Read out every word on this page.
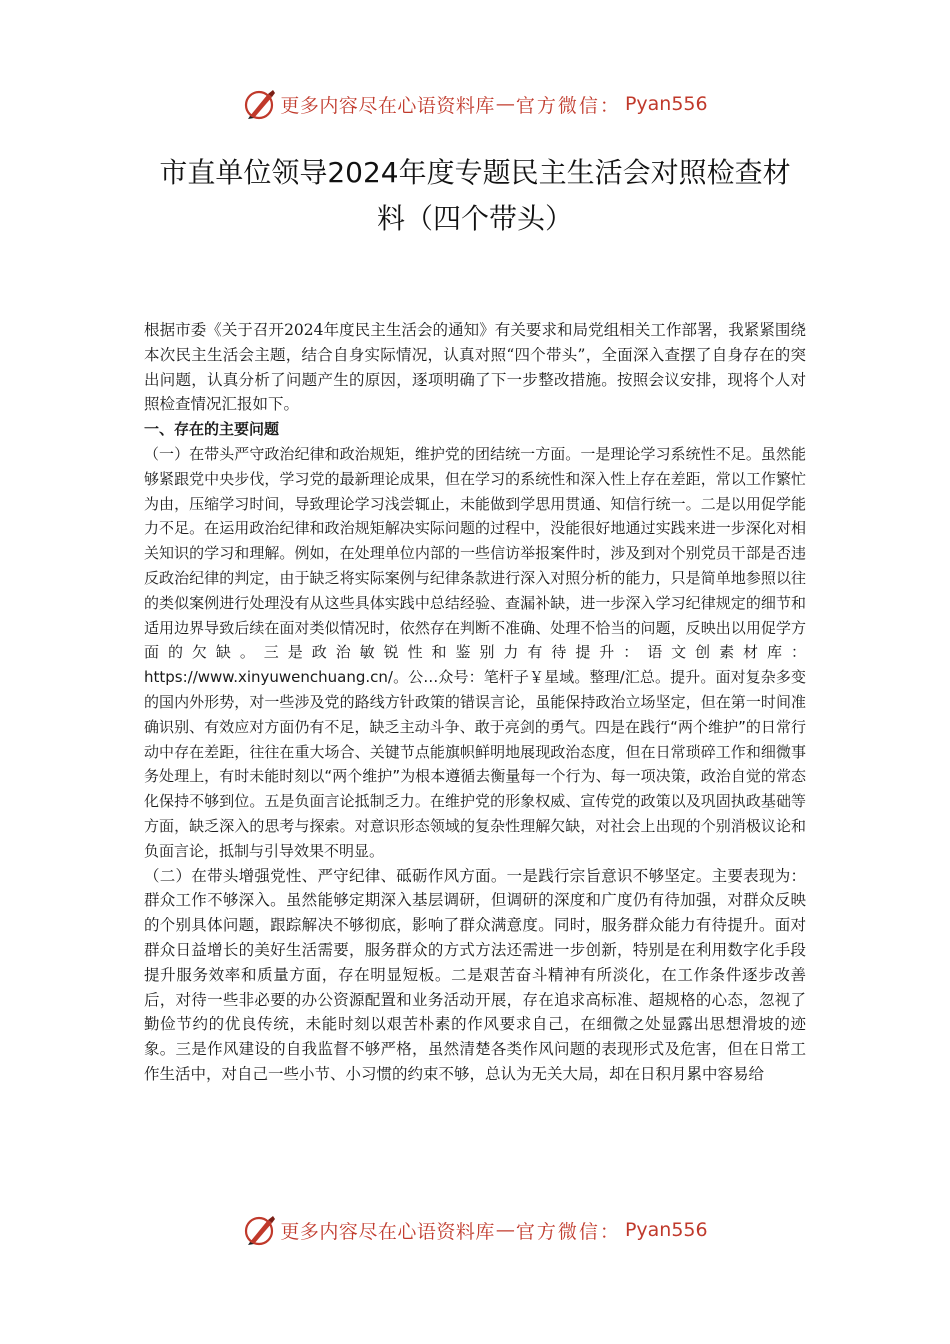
更多内容尽在心语资料库 — 官方微信： Pyan556
市直单位领导2024年度专题民主生活会对照检查材
料（四个带头）

根据市委《关于召开2024年度民主生活会的通知》有关要求和局党组相关工作部署，我紧紧围绕本次民主生活会主题，结合自身实际情况，认真对照“四个带头”，全面深入查摆了自身存在的突出问题，认真分析了问题产生的原因，逐项明确了下一步整改措施。按照会议安排，现将个人对照检查情况汇报如下。

一、存在的主要问题

（一）在带头严守政治纪律和政治规矩，维护党的团结统一方面。一是理论学习系统性不足。虽然能够紧跟党中央步伐，学习党的最新理论成果，但在学习的系统性和深入性上存在差距，常以工作繁忙为由，压缩学习时间，导致理论学习浅尝辄止，未能做到学思用贯通、知信行统一。二是以用促学能力不足。在运用政治纪律和政治规矩解决实际问题的过程中，没能很好地通过实践来进一步深化对相关知识的学习和理解。例如，在处理单位内部的一些信访举报案件时，涉及到对个别党员干部是否违反政治纪律的判定，由于缺乏将实际案例与纪律条款进行深入对照分析的能力，只是简单地参照以往的类似案例进行处理没有从这些具体实践中总结经验、查漏补缺，进一步深入学习纪律规定的细节和适用边界导致后续在面对类似情况时，依然存在判断不准确、处理不恰当的问题，反映出以用促学方面的欠缺。三是政治敏锐性和鉴别力有待提升：语文创素材库：https://www.xinyuwenchuang.cn/。公…众号：笔杆子￥星域。整理/汇总。提升。面对复杂多变的国内外形势，对一些涉及党的路线方针政策的错误言论，虽能保持政治立场坚定，但在第一时间准确识别、有效应对方面仍有不足，缺乏主动斗争、敢于亮剑的勇气。四是在践行“两个维护”的日常行动中存在差距，往往在重大场合、关键节点能旗帜鲜明地展现政治态度，但在日常琐碎工作和细微事务处理上，有时未能时刻以“两个维护”为根本遵循去衡量每一个行为、每一项决策，政治自觉的常态化保持不够到位。五是负面言论抵制乏力。在维护党的形象权威、宣传党的政策以及巩固执政基础等方面，缺乏深入的思考与探索。对意识形态领域的复杂性理解欠缺，对社会上出现的个别消极议论和负面言论，抵制与引导效果不明显。

（二）在带头增强党性、严守纪律、砥砺作风方面。一是践行宗旨意识不够坚定。主要表现为：群众工作不够深入。虽然能够定期深入基层调研，但调研的深度和广度仍有待加强，对群众反映的个别具体问题，跟踪解决不够彻底，影响了群众满意度。同时，服务群众能力有待提升。面对群众日益增长的美好生活需要，服务群众的方式方法还需进一步创新，特别是在利用数字化手段提升服务效率和质量方面，存在明显短板。二是艰苦奋斗精神有所淡化，在工作条件逐步改善后，对待一些非必要的办公资源配置和业务活动开展，存在追求高标准、超规格的心态，忽视了勤俭节约的优良传统，未能时刻以艰苦朴素的作风要求自己，在细微之处显露出思想滑坡的迹象。三是作风建设的自我监督不够严格，虽然清楚各类作风问题的表现形式及危害，但在日常工作生活中，对自己一些小节、小习惯的约束不够，总认为无关大局，却在日积月累中容易给

更多内容尽在心语资料库 — 官方微信： Pyan556
